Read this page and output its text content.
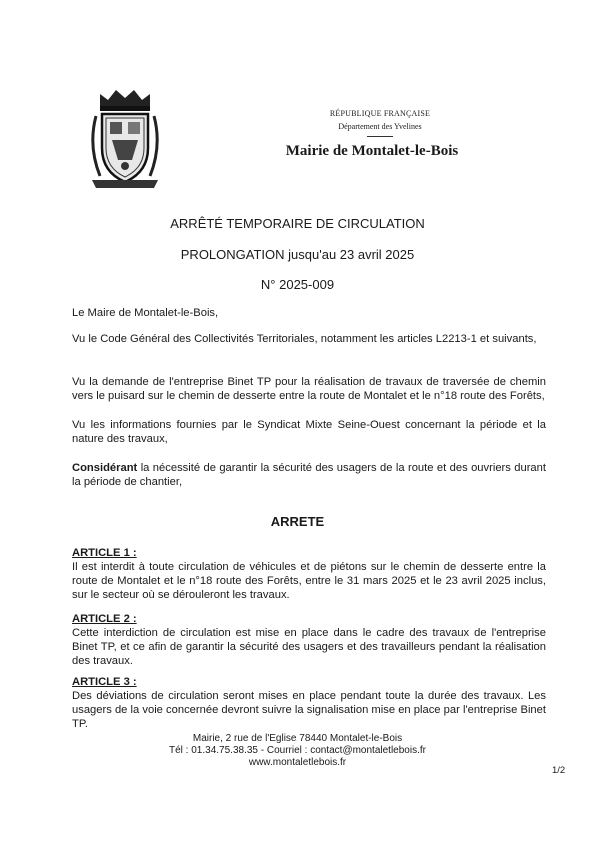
RÉPUBLIQUE FRANÇAISE
Département des Yvelines
Mairie de Montalet-le-Bois
ARRÊTÉ TEMPORAIRE DE CIRCULATION
PROLONGATION jusqu'au 23 avril 2025
N° 2025-009
Le Maire de Montalet-le-Bois,
Vu le Code Général des Collectivités Territoriales, notamment les articles L2213-1 et suivants,
Vu la demande de l'entreprise Binet TP pour la réalisation de travaux de traversée de chemin vers le puisard sur le chemin de desserte entre la route de Montalet et le n°18 route des Forêts,
Vu les informations fournies par le Syndicat Mixte Seine-Ouest concernant la période et la nature des travaux,
Considérant la nécessité de garantir la sécurité des usagers de la route et des ouvriers durant la période de chantier,
ARRETE
ARTICLE 1 :
Il est interdit à toute circulation de véhicules et de piétons sur le chemin de desserte entre la route de Montalet et le n°18 route des Forêts, entre le 31 mars 2025 et le 23 avril 2025 inclus, sur le secteur où se dérouleront les travaux.
ARTICLE 2 :
Cette interdiction de circulation est mise en place dans le cadre des travaux de l'entreprise Binet TP, et ce afin de garantir la sécurité des usagers et des travailleurs pendant la réalisation des travaux.
ARTICLE 3 :
Des déviations de circulation seront mises en place pendant toute la durée des travaux. Les usagers de la voie concernée devront suivre la signalisation mise en place par l'entreprise Binet TP.
Mairie, 2 rue de l'Eglise 78440 Montalet-le-Bois
Tél : 01.34.75.38.35 - Courriel : contact@montaletlebois.fr
www.montaletlebois.fr
1/2
